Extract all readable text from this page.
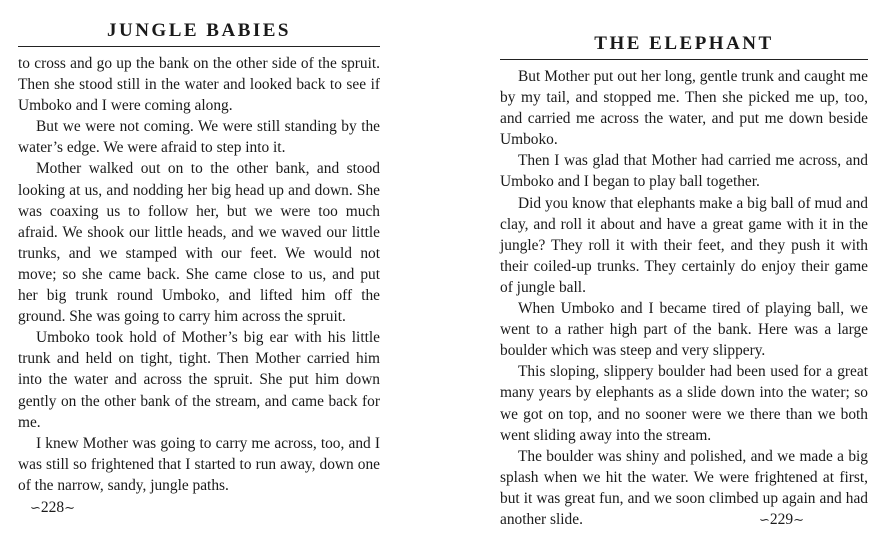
JUNGLE BABIES

to cross and go up the bank on the other side of the spruit. Then she stood still in the water and looked back to see if Umboko and I were coming along.

But we were not coming. We were still standing by the water’s edge. We were afraid to step into it.

Mother walked out on to the other bank, and stood looking at us, and nodding her big head up and down. She was coaxing us to follow her, but we were too much afraid. We shook our little heads, and we waved our little trunks, and we stamped with our feet. We would not move; so she came back. She came close to us, and put her big trunk round Umboko, and lifted him off the ground. She was going to carry him across the spruit.

Umboko took hold of Mother’s big ear with his little trunk and held on tight, tight. Then Mother carried him into the water and across the spruit. She put him down gently on the other bank of the stream, and came back for me.

I knew Mother was going to carry me across, too, and I was still so frightened that I started to run away, down one of the narrow, sandy, jungle paths.

∽228∼
THE ELEPHANT

But Mother put out her long, gentle trunk and caught me by my tail, and stopped me. Then she picked me up, too, and carried me across the water, and put me down beside Umboko.

Then I was glad that Mother had carried me across, and Umboko and I began to play ball together.

Did you know that elephants make a big ball of mud and clay, and roll it about and have a great game with it in the jungle? They roll it with their feet, and they push it with their coiled-up trunks. They certainly do enjoy their game of jungle ball.

When Umboko and I became tired of playing ball, we went to a rather high part of the bank. Here was a large boulder which was steep and very slippery.

This sloping, slippery boulder had been used for a great many years by elephants as a slide down into the water; so we got on top, and no sooner were we there than we both went sliding away into the stream.

The boulder was shiny and polished, and we made a big splash when we hit the water. We were frightened at first, but it was great fun, and we soon climbed up again and had another slide.	∽229∼
